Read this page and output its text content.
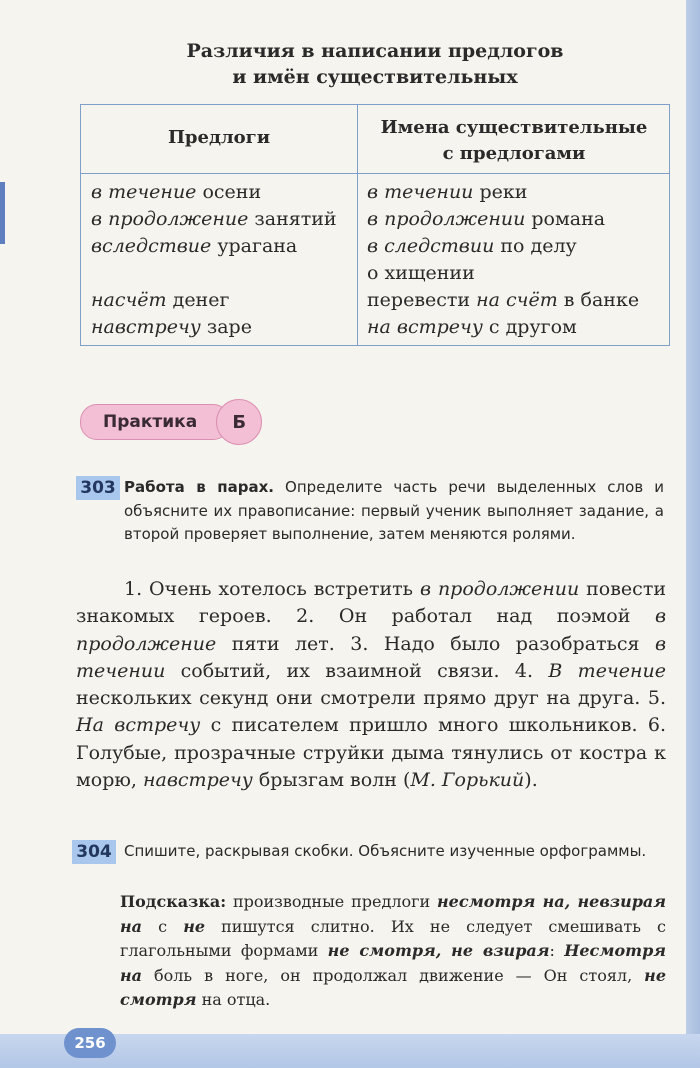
Различия в написании предлогов
и имён существительных
Предлоги	Имена существительные
с предлогами
в течение осени
в продолжение занятий
вследствие урагана
насчёт денег
навстречу заре
в течении реки
в продолжении романа
в следствии по делу
о хищении
перевести на счёт в банке
на встречу с другом
Практика	Б
303 Работа в парах. Определите часть речи выделенных слов и объясните их правописание: первый ученик выполняет задание, а второй проверяет выполнение, затем меняются ролями.
1. Очень хотелось встретить в продолжении повести знакомых героев. 2. Он работал над поэмой в продолжение пяти лет. 3. Надо было разобраться в течении событий, их взаимной связи. 4. В течение нескольких секунд они смотрели прямо друг на друга. 5. На встречу с писателем пришло много школьников. 6. Голубые, прозрачные струйки дыма тянулись от костра к морю, навстречу брызгам волн (М. Горький).
304 Спишите, раскрывая скобки. Объясните изученные орфограммы.
Подсказка: производные предлоги несмотря на, невзирая на с не пишутся слитно. Их не следует смешивать с глагольными формами не смотря, не взирая: Несмотря на боль в ноге, он продолжал движение — Он стоял, не смотря на отца.
256
